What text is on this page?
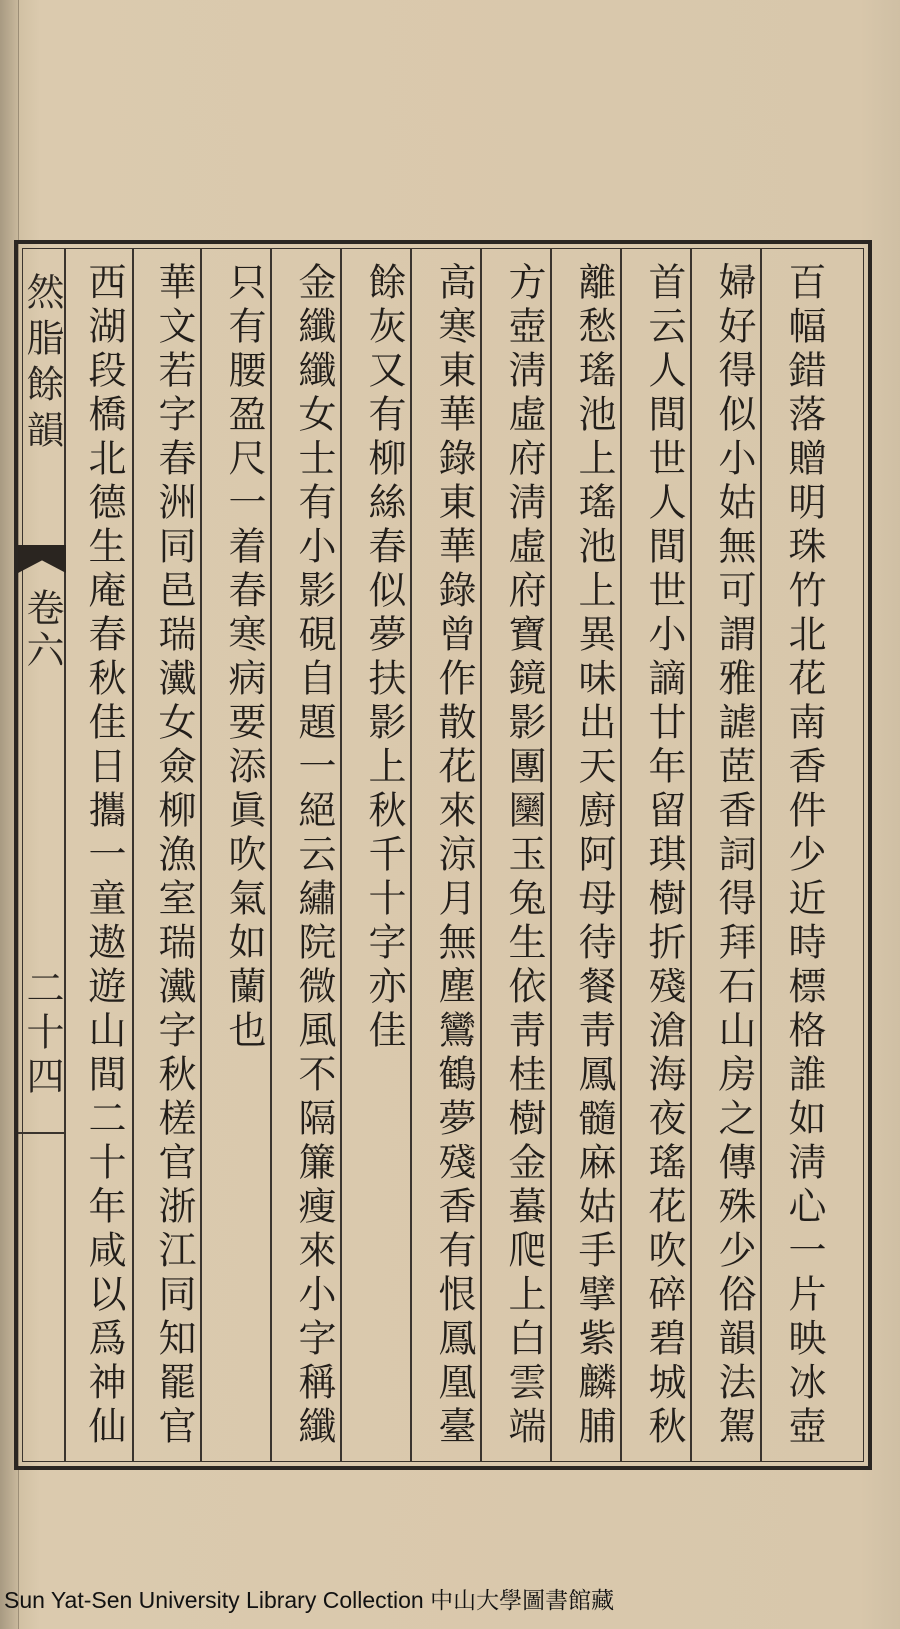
然脂餘韻
卷六
二十四
百幅錯落贈明珠竹北花南香件少近時標格誰如淸心一片映冰壺
婦好得似小姑無可謂雅謔茝香詞得拜石山房之傳殊少俗韻法駕
首云人間世人間世小謫廿年留琪樹折殘滄海夜瑤花吹碎碧城秋
離愁瑤池上瑤池上異味出天廚阿母待餐靑鳳髓麻姑手擘紫麟脯
方壺淸虛府淸虛府寶鏡影團圞玉兔生依靑桂樹金蟇爬上白雲端
高寒東華錄東華錄曾作散花來涼月無塵鸞鶴夢殘香有恨鳳凰臺
餘灰又有柳絲春似夢扶影上秋千十字亦佳
金纖纖女士有小影硯自題一絕云繡院微風不隔簾瘦來小字稱纖
只有腰盈尺一着春寒病要添眞吹氣如蘭也
華文若字春洲同邑瑞瀻女僉柳漁室瑞瀻字秋槎官浙江同知罷官
西湖段橋北德生庵春秋佳日攜一童遨遊山間二十年咸以爲神仙
Sun Yat-Sen University Library Collection 中山大學圖書館藏
